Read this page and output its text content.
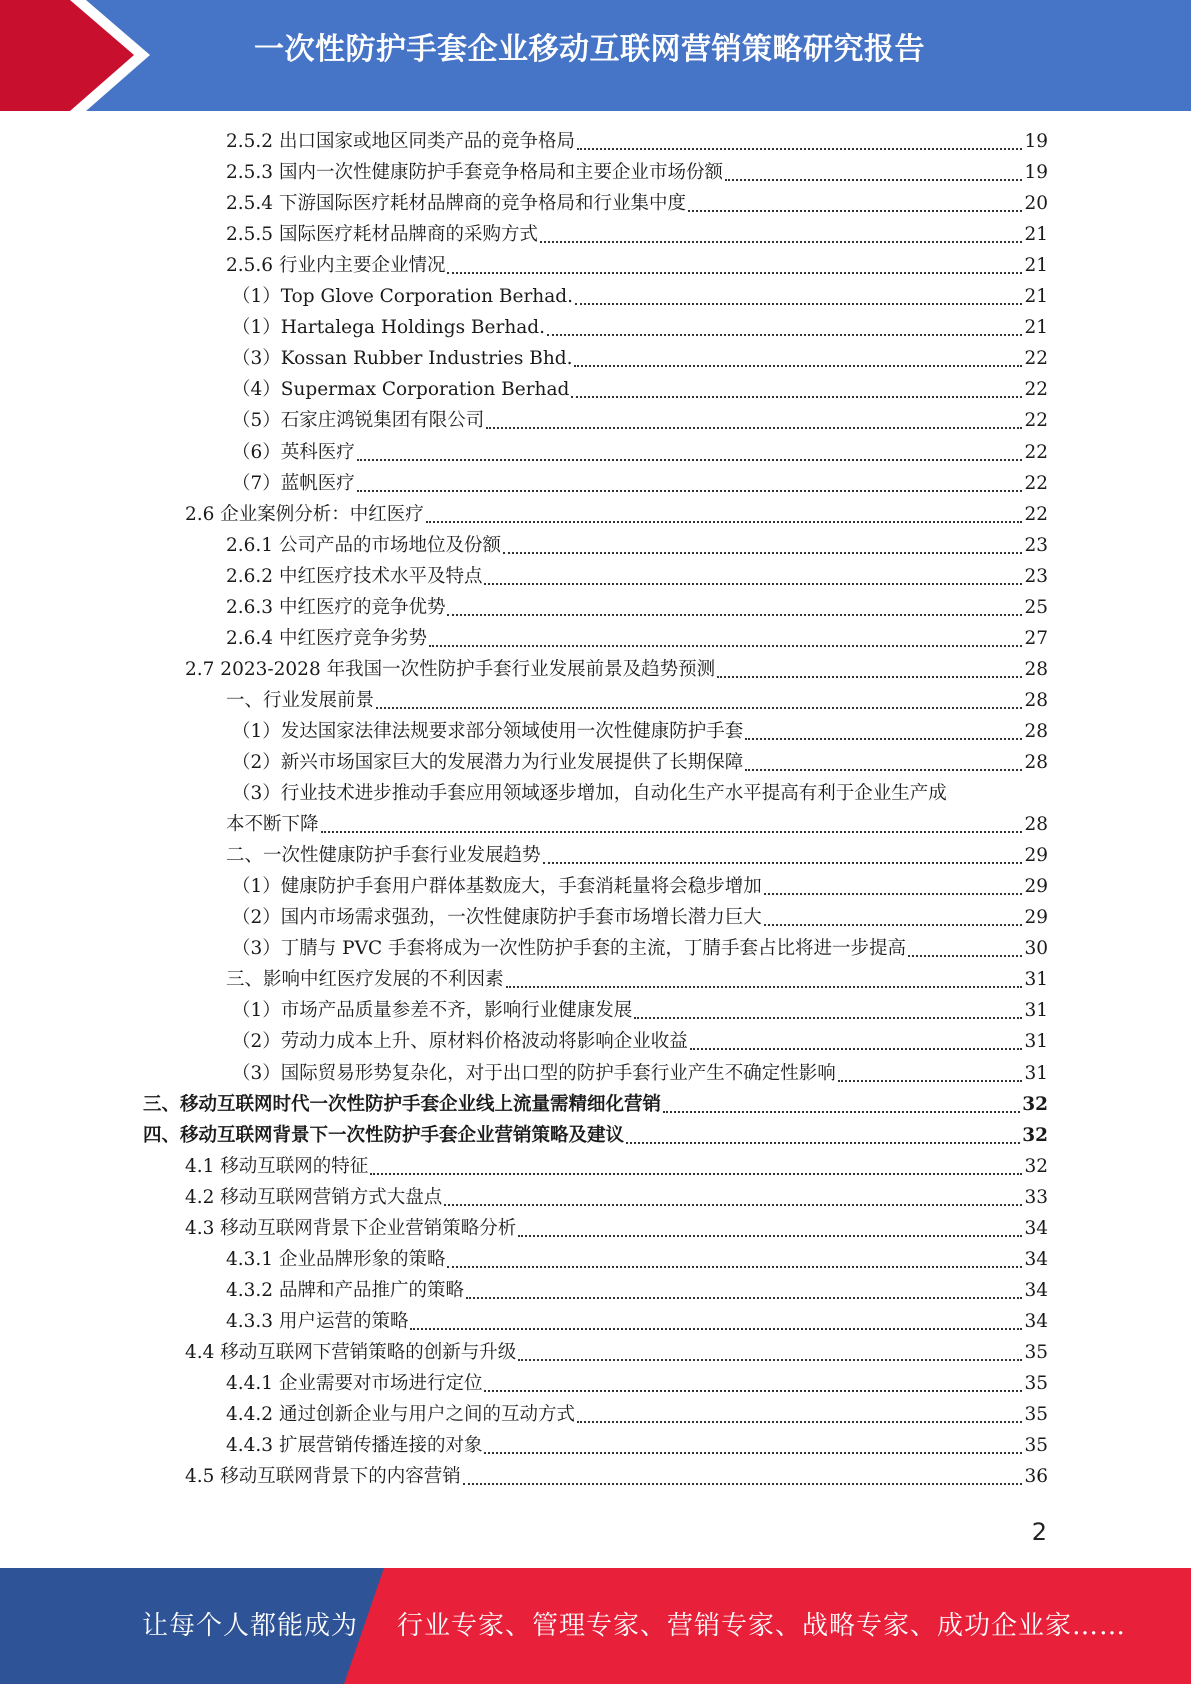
一次性防护手套企业移动互联网营销策略研究报告
2.5.2 出口国家或地区同类产品的竞争格局	19
2.5.3 国内一次性健康防护手套竞争格局和主要企业市场份额	19
2.5.4 下游国际医疗耗材品牌商的竞争格局和行业集中度	20
2.5.5 国际医疗耗材品牌商的采购方式	21
2.5.6 行业内主要企业情况	21
（1）Top Glove Corporation Berhad.	21
（1）Hartalega Holdings Berhad.	21
（3）Kossan Rubber Industries Bhd.	22
（4）Supermax Corporation Berhad	22
（5）石家庄鸿锐集团有限公司	22
（6）英科医疗	22
（7）蓝帆医疗	22
2.6 企业案例分析：中红医疗	22
2.6.1 公司产品的市场地位及份额	23
2.6.2 中红医疗技术水平及特点	23
2.6.3 中红医疗的竞争优势	25
2.6.4 中红医疗竞争劣势	27
2.7 2023-2028 年我国一次性防护手套行业发展前景及趋势预测	28
一、行业发展前景	28
（1）发达国家法律法规要求部分领域使用一次性健康防护手套	28
（2）新兴市场国家巨大的发展潜力为行业发展提供了长期保障	28
（3）行业技术进步推动手套应用领域逐步增加，自动化生产水平提高有利于企业生产成
本不断下降	28
二、一次性健康防护手套行业发展趋势	29
（1）健康防护手套用户群体基数庞大，手套消耗量将会稳步增加	29
（2）国内市场需求强劲，一次性健康防护手套市场增长潜力巨大	29
（3）丁腈与 PVC 手套将成为一次性防护手套的主流，丁腈手套占比将进一步提高	30
三、影响中红医疗发展的不利因素	31
（1）市场产品质量参差不齐，影响行业健康发展	31
（2）劳动力成本上升、原材料价格波动将影响企业收益	31
（3）国际贸易形势复杂化，对于出口型的防护手套行业产生不确定性影响	31
三、移动互联网时代一次性防护手套企业线上流量需精细化营销	32
四、移动互联网背景下一次性防护手套企业营销策略及建议	32
4.1 移动互联网的特征	32
4.2 移动互联网营销方式大盘点	33
4.3 移动互联网背景下企业营销策略分析	34
4.3.1 企业品牌形象的策略	34
4.3.2 品牌和产品推广的策略	34
4.3.3 用户运营的策略	34
4.4 移动互联网下营销策略的创新与升级	35
4.4.1 企业需要对市场进行定位	35
4.4.2 通过创新企业与用户之间的互动方式	35
4.4.3 扩展营销传播连接的对象	35
4.5 移动互联网背景下的内容营销	36
2
让每个人都能成为 行业专家、管理专家、营销专家、战略专家、成功企业家……
